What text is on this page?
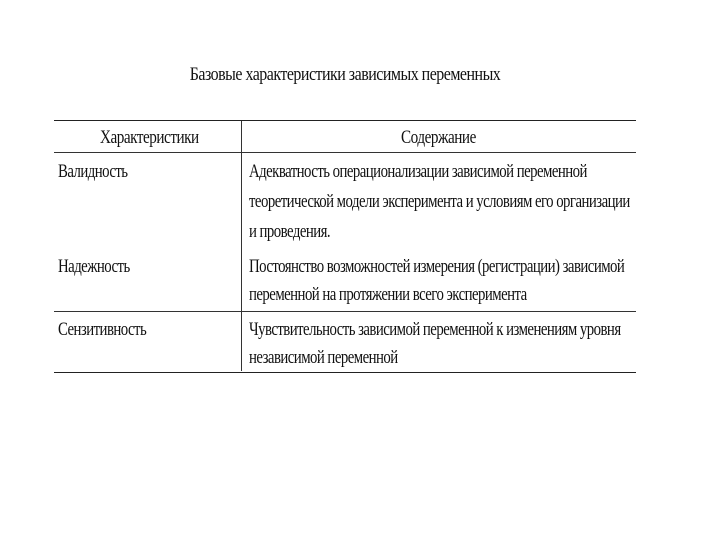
Базовые характеристики зависимых переменных
Характеристики	Содержание
Валидность	Адекватность операционализации зависимой переменной
теоретической модели эксперимента и условиям его организации
и проведения.
Надежность	Постоянство возможностей измерения (регистрации) зависимой
переменной на протяжении всего эксперимента
Сензитивность	Чувствительность зависимой переменной к изменениям уровня
независимой переменной
